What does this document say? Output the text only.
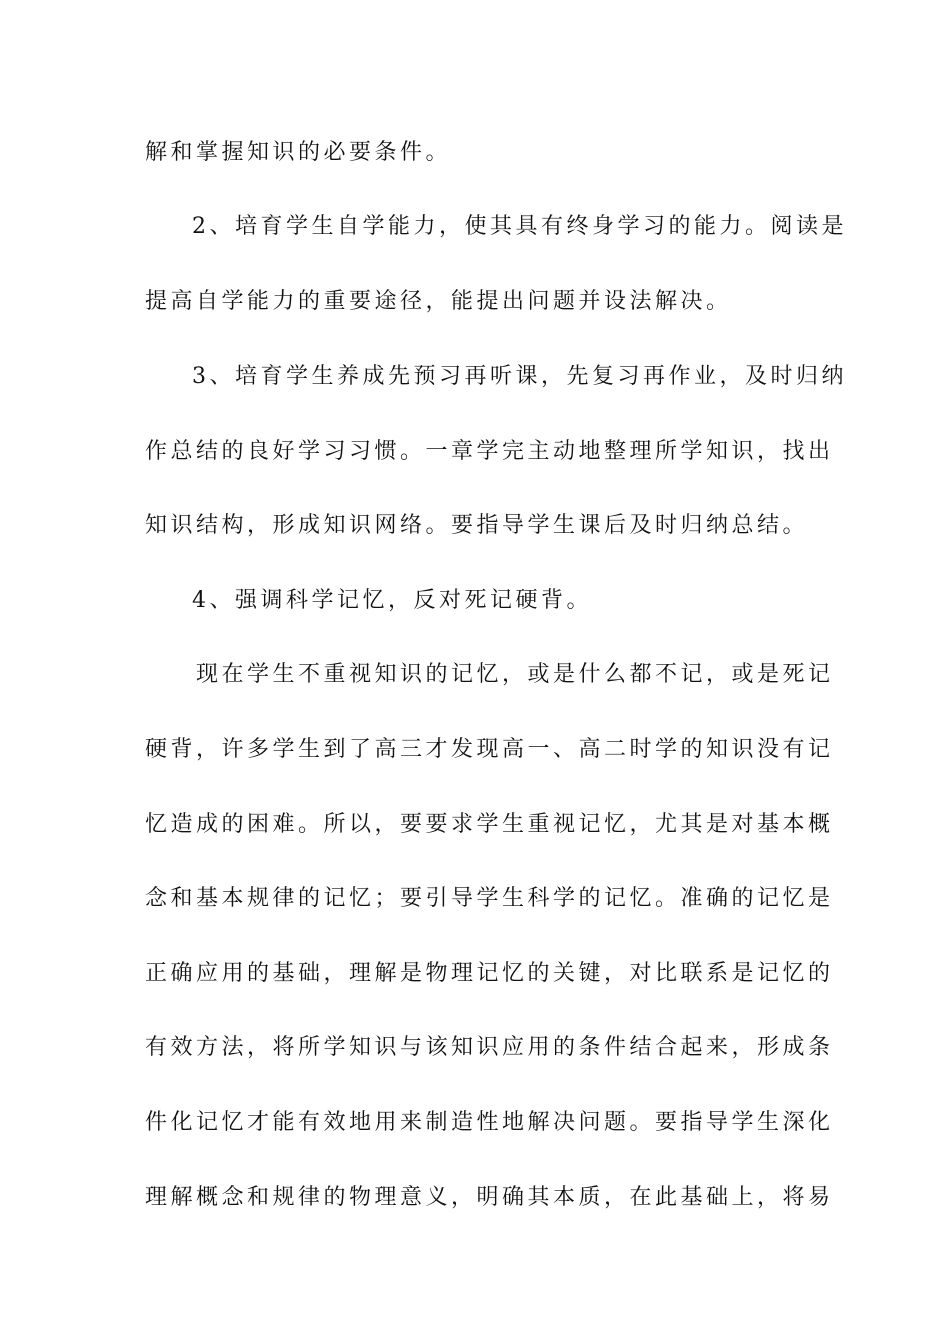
解和掌握知识的必要条件。
2、培育学生自学能力，使其具有终身学习的能力。阅读是
提高自学能力的重要途径，能提出问题并设法解决。
3、培育学生养成先预习再听课，先复习再作业，及时归纳
作总结的良好学习习惯。一章学完主动地整理所学知识，找出
知识结构，形成知识网络。要指导学生课后及时归纳总结。
4、强调科学记忆，反对死记硬背。
现在学生不重视知识的记忆，或是什么都不记，或是死记
硬背，许多学生到了高三才发现高一、高二时学的知识没有记
忆造成的困难。所以，要要求学生重视记忆，尤其是对基本概
念和基本规律的记忆；要引导学生科学的记忆。准确的记忆是
正确应用的基础，理解是物理记忆的关键，对比联系是记忆的
有效方法，将所学知识与该知识应用的条件结合起来，形成条
件化记忆才能有效地用来制造性地解决问题。要指导学生深化
理解概念和规律的物理意义，明确其本质，在此基础上，将易
